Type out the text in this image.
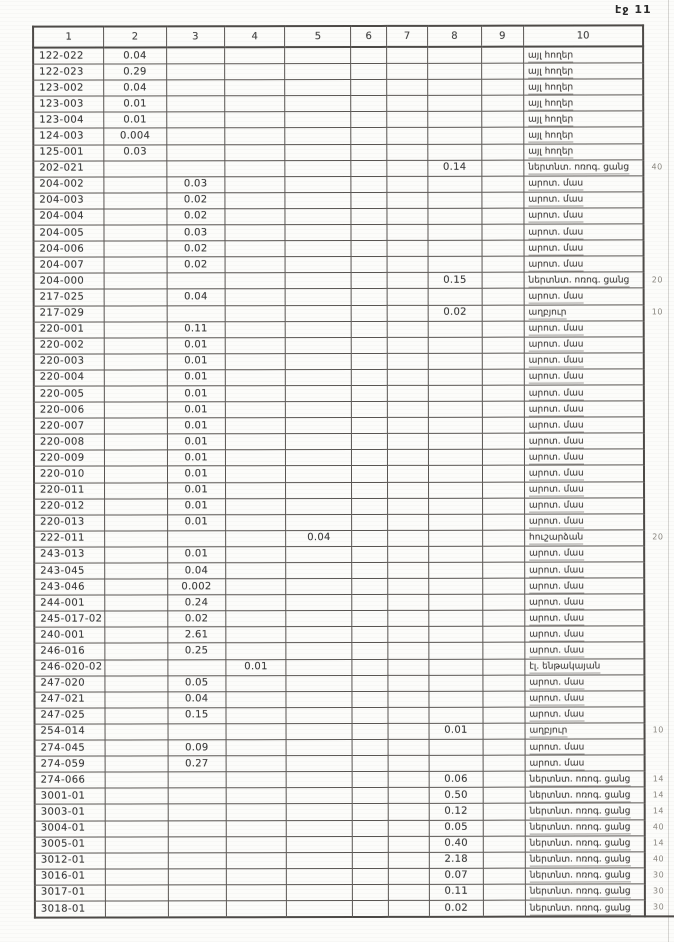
էջ 11
1	2	3	4	5	6	7	8	9	10	
122-022	0.04								այլ հողեր	
122-023	0.29								այլ հողեր	
123-002	0.04								այլ հողեր	
123-003	0.01								այլ հողեր	
123-004	0.01								այլ հողեր	
124-003	0.004								այլ հողեր	
125-001	0.03								այլ հողեր	
202-021							0.14		ներտնտ. ոռոգ. ցանց	40
204-002		0.03							արոտ. մաս	
204-003		0.02							արոտ. մաս	
204-004		0.02							արոտ. մաս	
204-005		0.03							արոտ. մաս	
204-006		0.02							արոտ. մաս	
204-007		0.02							արոտ. մաս	
204-000							0.15		ներտնտ. ոռոգ. ցանց	20
217-025		0.04							արոտ. մաս	
217-029							0.02		աղբյուր	10
220-001		0.11							արոտ. մաս	
220-002		0.01							արոտ. մաս	
220-003		0.01							արոտ. մաս	
220-004		0.01							արոտ. մաս	
220-005		0.01							արոտ. մաս	
220-006		0.01							արոտ. մաս	
220-007		0.01							արոտ. մաս	
220-008		0.01							արոտ. մաս	
220-009		0.01							արոտ. մաս	
220-010		0.01							արոտ. մաս	
220-011		0.01							արոտ. մաս	
220-012		0.01							արոտ. մաս	
220-013		0.01							արոտ. մաս	
222-011				0.04					հուշարձան	20
243-013		0.01							արոտ. մաս	
243-045		0.04							արոտ. մաս	
243-046		0.002							արոտ. մաս	
244-001		0.24							արոտ. մաս	
245-017-02		0.02							արոտ. մաս	
240-001		2.61							արոտ. մաս	
246-016		0.25							արոտ. մաս	
246-020-02			0.01						էլ. ենթակայան	
247-020		0.05							արոտ. մաս	
247-021		0.04							արոտ. մաս	
247-025		0.15							արոտ. մաս	
254-014							0.01		աղբյուր	10
274-045		0.09							արոտ. մաս	
274-059		0.27							արոտ. մաս	
274-066							0.06		ներտնտ. ոռոգ. ցանց	14
3001-01							0.50		ներտնտ. ոռոգ. ցանց	14
3003-01							0.12		ներտնտ. ոռոգ. ցանց	14
3004-01							0.05		ներտնտ. ոռոգ. ցանց	40
3005-01							0.40		ներտնտ. ոռոգ. ցանց	14
3012-01							2.18		ներտնտ. ոռոգ. ցանց	40
3016-01							0.07		ներտնտ. ոռոգ. ցանց	30
3017-01							0.11		ներտնտ. ոռոգ. ցանց	30
3018-01							0.02		ներտնտ. ոռոգ. ցանց	30
